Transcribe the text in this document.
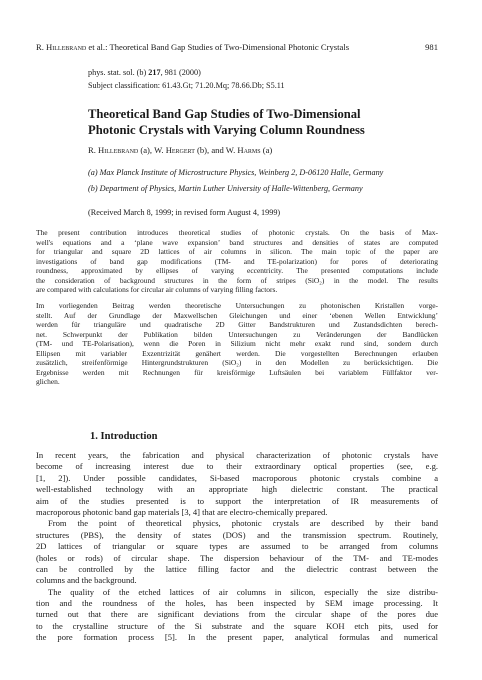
R. Hillebrand et al.: Theoretical Band Gap Studies of Two-Dimensional Photonic Crystals	981
phys. stat. sol. (b) 217, 981 (2000)
Subject classification: 61.43.Gt; 71.20.Mq; 78.66.Db; S5.11
Theoretical Band Gap Studies of Two-Dimensional
Photonic Crystals with Varying Column Roundness
R. Hillebrand (a), W. Hergert (b), and W. Harms (a)
(a) Max Planck Institute of Microstructure Physics, Weinberg 2, D-06120 Halle, Germany
(b) Department of Physics, Martin Luther University of Halle-Wittenberg, Germany
(Received March 8, 1999; in revised form August 4, 1999)
The present contribution introduces theoretical studies of photonic crystals. On the basis of Max-
well's equations and a ‘plane wave expansion’ band structures and densities of states are computed
for triangular and square 2D lattices of air columns in silicon. The main topic of the paper are
investigations of band gap modifications (TM- and TE-polarization) for pores of deteriorating
roundness, approximated by ellipses of varying eccentricity. The presented computations include
the consideration of background structures in the form of stripes (SiO₂) in the model. The results
are compared with calculations for circular air columns of varying filling factors.
Im vorliegenden Beitrag werden theoretische Untersuchungen zu photonischen Kristallen vorge-
stellt. Auf der Grundlage der Maxwellschen Gleichungen und einer ‘ebenen Wellen Entwicklung’
werden für trianguläre und quadratische 2D Gitter Bandstrukturen und Zustandsdichten berech-
net. Schwerpunkt der Publikation bilden Untersuchungen zu Veränderungen der Bandlücken
(TM- und TE-Polarisation), wenn die Poren in Silizium nicht mehr exakt rund sind, sondern durch
Ellipsen mit variabler Exzentrizität genähert werden. Die vorgestellten Berechnungen erlauben
zusätzlich, streifenförmige Hintergrundstrukturen (SiO₂) in den Modellen zu berücksichtigen. Die
Ergebnisse werden mit Rechnungen für kreisförmige Luftsäulen bei variablem Füllfaktor ver-
glichen.
1. Introduction
In recent years, the fabrication and physical characterization of photonic crystals have
become of increasing interest due to their extraordinary optical properties (see, e.g.
[1, 2]). Under possible candidates, Si-based macroporous photonic crystals combine a
well-established technology with an appropriate high dielectric constant. The practical
aim of the studies presented is to support the interpretation of IR measurements of
macroporous photonic band gap materials [3, 4] that are electro-chemically prepared.
From the point of theoretical physics, photonic crystals are described by their band
structures (PBS), the density of states (DOS) and the transmission spectrum. Routinely,
2D lattices of triangular or square types are assumed to be arranged from columns
(holes or rods) of circular shape. The dispersion behaviour of the TM- and TE-modes
can be controlled by the lattice filling factor and the dielectric contrast between the
columns and the background.
The quality of the etched lattices of air columns in silicon, especially the size distribu-
tion and the roundness of the holes, has been inspected by SEM image processing. It
turned out that there are significant deviations from the circular shape of the pores due
to the crystalline structure of the Si substrate and the square KOH etch pits, used for
the pore formation process [5]. In the present paper, analytical formulas and numerical
